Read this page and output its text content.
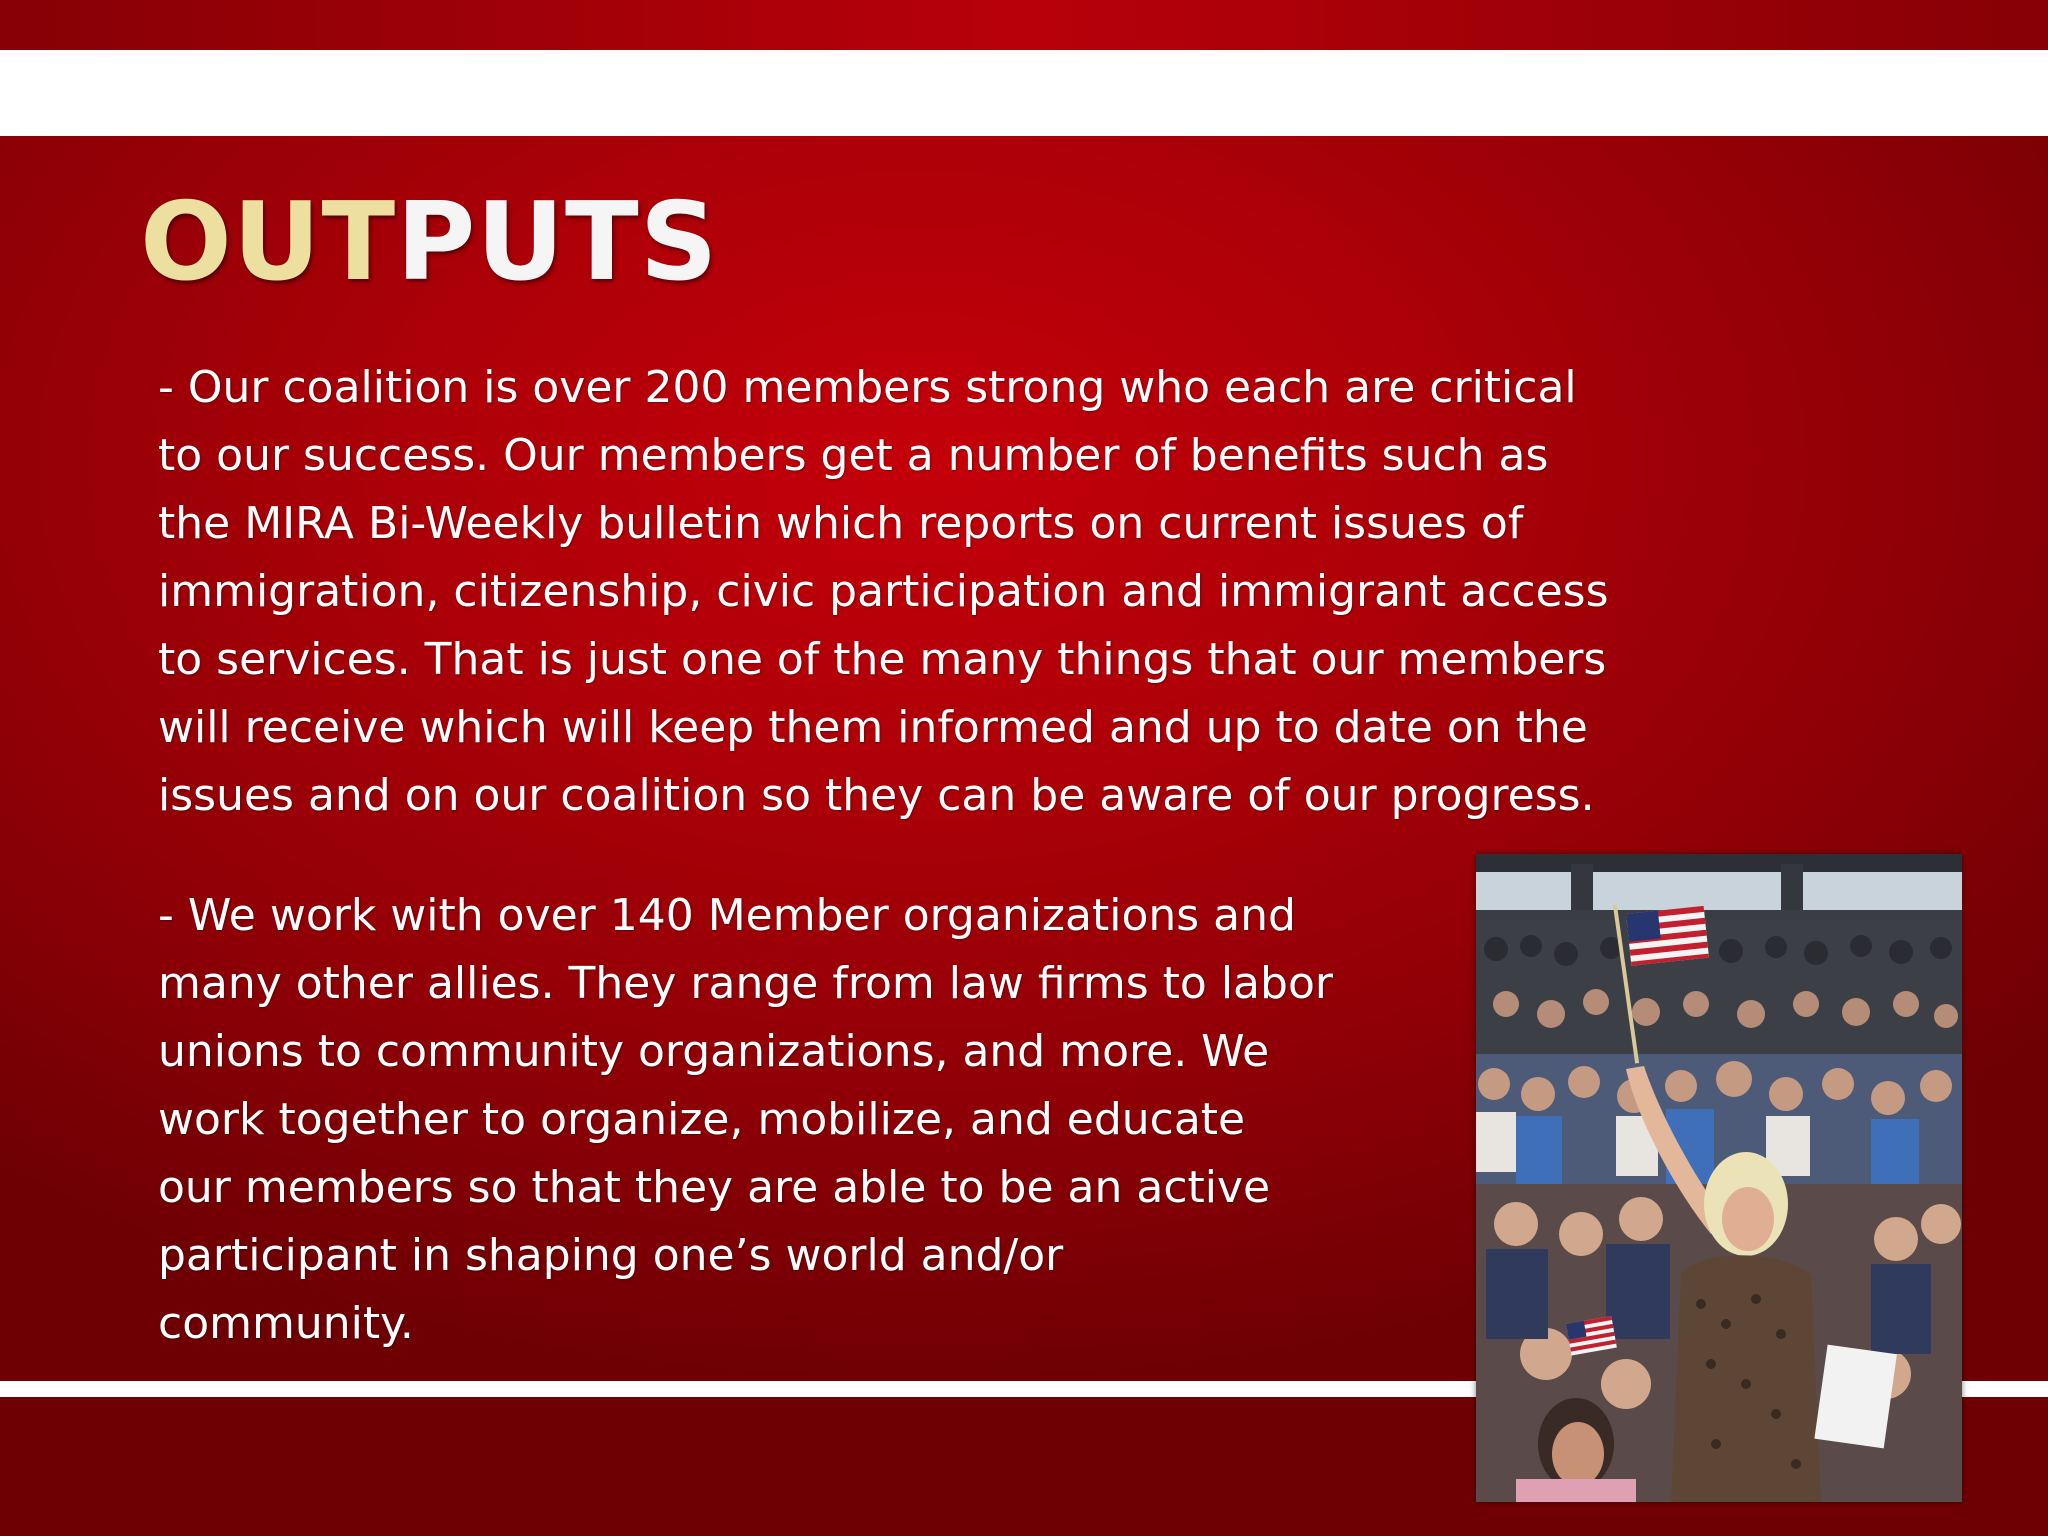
OUTPUTS

- Our coalition is over 200 members strong who each are critical
to our success. Our members get a number of benefits such as
the MIRA Bi-Weekly bulletin which reports on current issues of
immigration, citizenship, civic participation and immigrant access
to services. That is just one of the many things that our members
will receive which will keep them informed and up to date on the
issues and on our coalition so they can be aware of our progress.

- We work with over 140 Member organizations and
many other allies. They range from law firms to labor
unions to community organizations, and more. We
work together to organize, mobilize, and educate
our members so that they are able to be an active
participant in shaping one’s world and/or
community.
